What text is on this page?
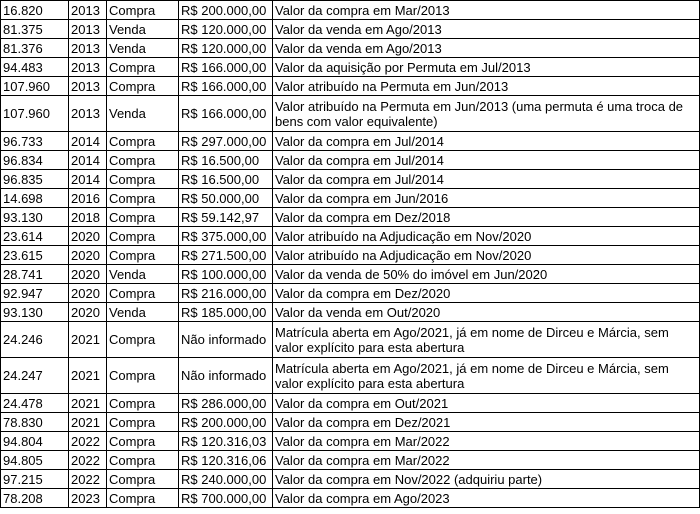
16.820	2013	Compra	R$ 200.000,00	Valor da compra em Mar/2013
81.375	2013	Venda	R$ 120.000,00	Valor da venda em Ago/2013
81.376	2013	Venda	R$ 120.000,00	Valor da venda em Ago/2013
94.483	2013	Compra	R$ 166.000,00	Valor da aquisição por Permuta em Jul/2013
107.960	2013	Compra	R$ 166.000,00	Valor atribuído na Permuta em Jun/2013
107.960	2013	Venda	R$ 166.000,00	Valor atribuído na Permuta em Jun/2013 (uma permuta é uma troca de bens com valor equivalente)
96.733	2014	Compra	R$ 297.000,00	Valor da compra em Jul/2014
96.834	2014	Compra	R$ 16.500,00	Valor da compra em Jul/2014
96.835	2014	Compra	R$ 16.500,00	Valor da compra em Jul/2014
14.698	2016	Compra	R$ 50.000,00	Valor da compra em Jun/2016
93.130	2018	Compra	R$ 59.142,97	Valor da compra em Dez/2018
23.614	2020	Compra	R$ 375.000,00	Valor atribuído na Adjudicação em Nov/2020
23.615	2020	Compra	R$ 271.500,00	Valor atribuído na Adjudicação em Nov/2020
28.741	2020	Venda	R$ 100.000,00	Valor da venda de 50% do imóvel em Jun/2020
92.947	2020	Compra	R$ 216.000,00	Valor da compra em Dez/2020
93.130	2020	Venda	R$ 185.000,00	Valor da venda em Out/2020
24.246	2021	Compra	Não informado	Matrícula aberta em Ago/2021, já em nome de Dirceu e Márcia, sem valor explícito para esta abertura
24.247	2021	Compra	Não informado	Matrícula aberta em Ago/2021, já em nome de Dirceu e Márcia, sem valor explícito para esta abertura
24.478	2021	Compra	R$ 286.000,00	Valor da compra em Out/2021
78.830	2021	Compra	R$ 200.000,00	Valor da compra em Dez/2021
94.804	2022	Compra	R$ 120.316,03	Valor da compra em Mar/2022
94.805	2022	Compra	R$ 120.316,06	Valor da compra em Mar/2022
97.215	2022	Compra	R$ 240.000,00	Valor da compra em Nov/2022 (adquiriu parte)
78.208	2023	Compra	R$ 700.000,00	Valor da compra em Ago/2023
